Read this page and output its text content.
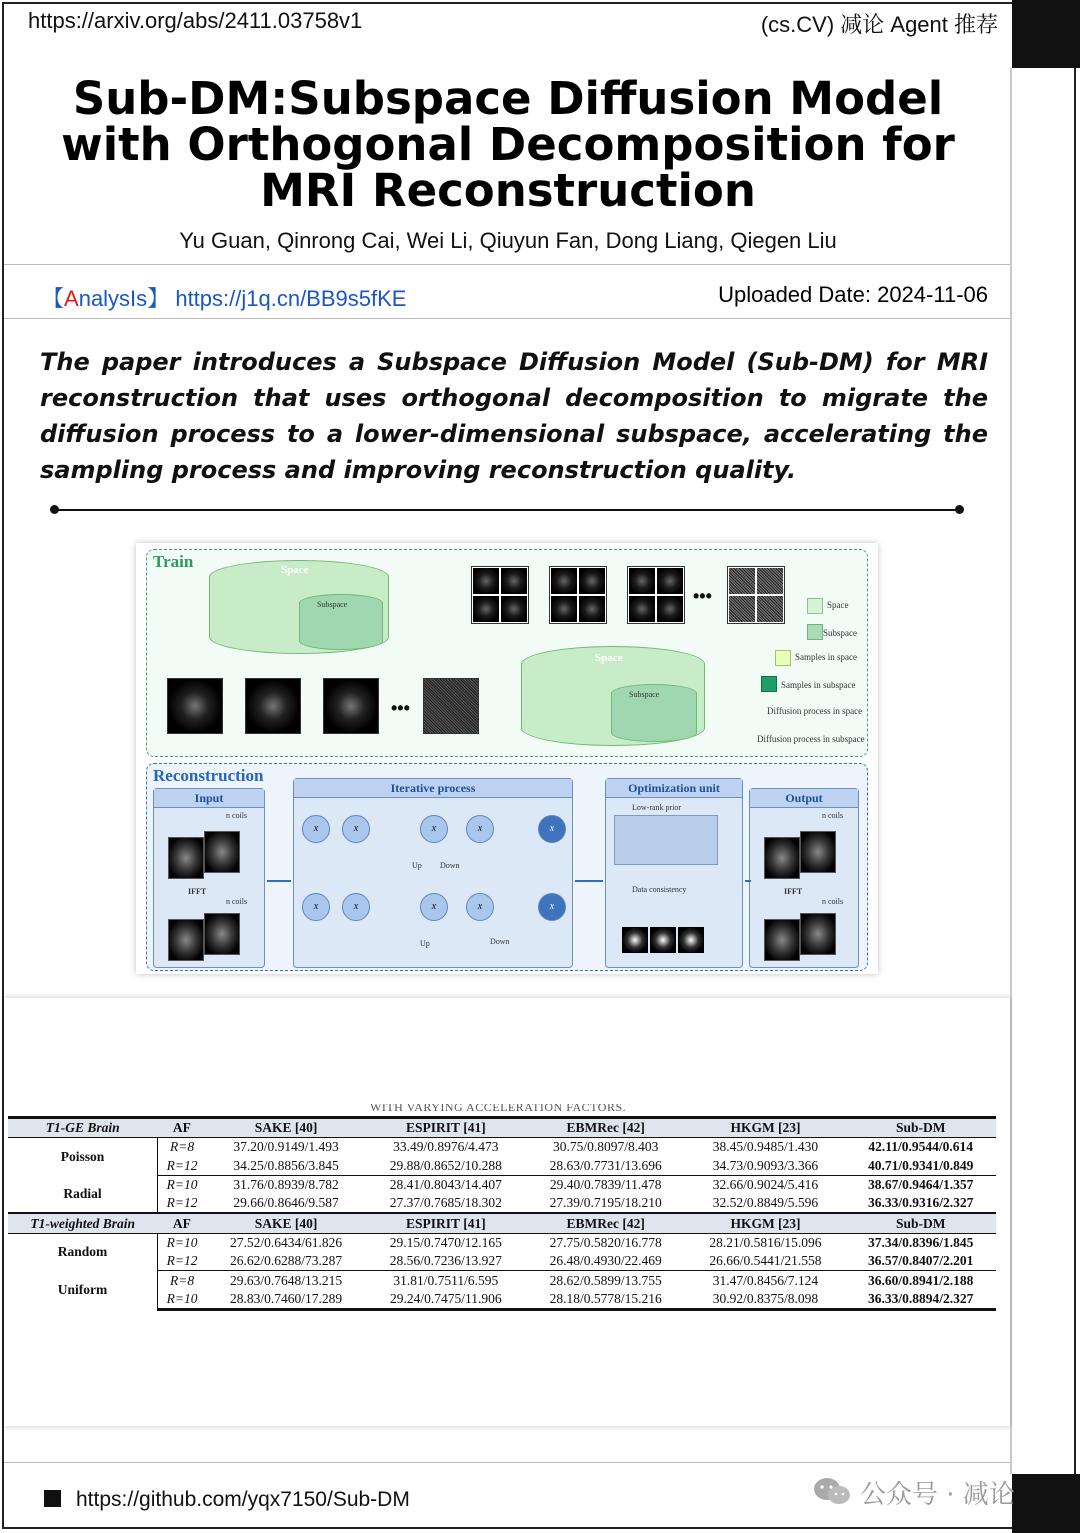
https://arxiv.org/abs/2411.03758v1	(cs.CV) 减论 Agent 推荐
Sub-DM:Subspace Diffusion Model with Orthogonal Decomposition for MRI Reconstruction
Yu Guan, Qinrong Cai, Wei Li, Qiuyun Fan, Dong Liang, Qiegen Liu
【AnalysIs】 https://j1q.cn/BB9s5fKE	Uploaded Date: 2024-11-06
The paper introduces a Subspace Diffusion Model (Sub-DM) for MRI reconstruction that uses orthogonal decomposition to migrate the diffusion process to a lower-dimensional subspace, accelerating the sampling process and improving reconstruction quality.
Train	Space
Subspace
•••
•••
Space
Subspace
Space
Subspace
Samples in space
Samples in subspace
Diffusion process in space
Diffusion process in subspace
Reconstruction
Input
n coils
IFFT
n coils
Iterative process
x	x	x	x	x
x	x	x	x	x
Up Down
Up	Down
Optimization unit
Low-rank prior
Data consistency
Output
n coils
IFFT
n coils
WITH VARYING ACCELERATION FACTORS.
T1-GE Brain	AF	SAKE [40]	ESPIRIT [41]	EBMRec [42]	HKGM [23]	Sub-DM
Poisson	R=8	37.20/0.9149/1.493	33.49/0.8976/4.473	30.75/0.8097/8.403	38.45/0.9485/1.430	42.11/0.9544/0.614
	R=12	34.25/0.8856/3.845	29.88/0.8652/10.288	28.63/0.7731/13.696	34.73/0.9093/3.366	40.71/0.9341/0.849
Radial	R=10	31.76/0.8939/8.782	28.41/0.8043/14.407	29.40/0.7839/11.478	32.66/0.9024/5.416	38.67/0.9464/1.357
	R=12	29.66/0.8646/9.587	27.37/0.7685/18.302	27.39/0.7195/18.210	32.52/0.8849/5.596	36.33/0.9316/2.327
T1-weighted Brain	AF	SAKE [40]	ESPIRIT [41]	EBMRec [42]	HKGM [23]	Sub-DM
Random	R=10	27.52/0.6434/61.826	29.15/0.7470/12.165	27.75/0.5820/16.778	28.21/0.5816/15.096	37.34/0.8396/1.845
	R=12	26.62/0.6288/73.287	28.56/0.7236/13.927	26.48/0.4930/22.469	26.66/0.5441/21.558	36.57/0.8407/2.201
Uniform	R=8	29.63/0.7648/13.215	31.81/0.7511/6.595	28.62/0.5899/13.755	31.47/0.8456/7.124	36.60/0.8941/2.188
	R=10	28.83/0.7460/17.289	29.24/0.7475/11.906	28.18/0.5778/15.216	30.92/0.8375/8.098	36.33/0.8894/2.327
https://github.com/yqx7150/Sub-DM	公众号 · 减论
